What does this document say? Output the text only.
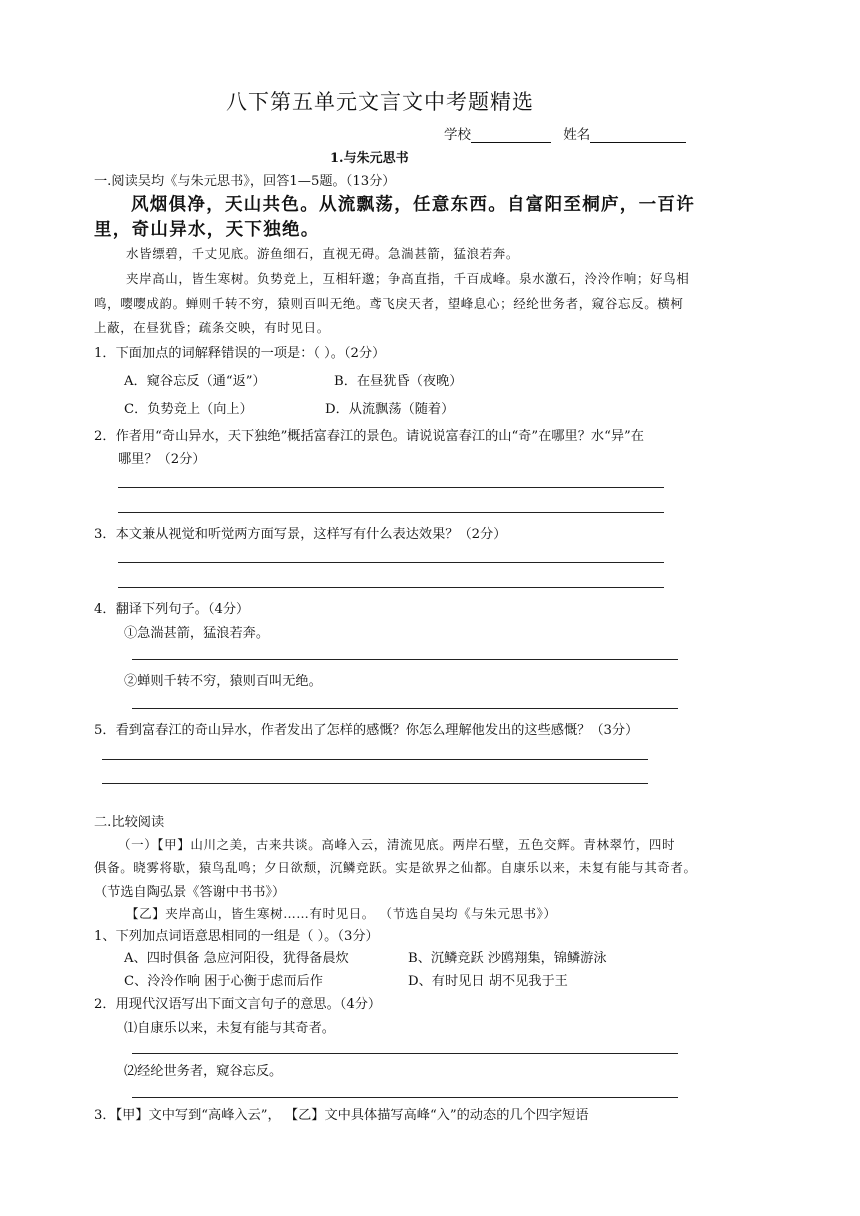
八下第五单元文言文中考题精选
学校	姓名
1.与朱元思书
一.阅读吴均《与朱元思书》，回答1—5题。（13分）
风烟俱净，天山共色。从流飘荡，任意东西。自富阳至桐庐，一百许
里，奇山异水，天下独绝。
水皆缥碧，千丈见底。游鱼细石，直视无碍。急湍甚箭，猛浪若奔。
夹岸高山，皆生寒树。负势竞上，互相轩邈；争高直指，千百成峰。泉水激石，泠泠作响；好鸟相
鸣，嘤嘤成韵。蝉则千转不穷，猿则百叫无绝。鸢飞戾天者，望峰息心；经纶世务者，窥谷忘反。横柯
上蔽，在昼犹昏；疏条交映，有时见日。
1．下面加点的词解释错误的一项是：（ ）。（2分）
A．窥谷忘反（通“返”）	B．在昼犹昏（夜晚）
C．负势竞上（向上）	D．从流飘荡（随着）
2．作者用“奇山异水，天下独绝”概括富春江的景色。请说说富春江的山“奇”在哪里？水“异”在
哪里？（2分）
3．本文兼从视觉和听觉两方面写景，这样写有什么表达效果？（2分）
4．翻译下列句子。（4分）
①急湍甚箭，猛浪若奔。
②蝉则千转不穷，猿则百叫无绝。
5．看到富春江的奇山异水，作者发出了怎样的感慨？你怎么理解他发出的这些感慨？（3分）
二.比较阅读
（一）【甲】山川之美，古来共谈。高峰入云，清流见底。两岸石壁，五色交辉。青林翠竹，四时
俱备。晓雾将歇，猿鸟乱鸣；夕日欲颓，沉鳞竞跃。实是欲界之仙都。自康乐以来，未复有能与其奇者。
（节选自陶弘景《答谢中书书》）
【乙】夹岸高山，皆生寒树……有时见日。 （节选自吴均《与朱元思书》）
1、下列加点词语意思相同的一组是（ ）。（3分）
A、四时俱备 急应河阳役，犹得备晨炊	B、沉鳞竞跃 沙鸥翔集，锦鳞游泳
C、泠泠作响 困于心衡于虑而后作	D、有时见日 胡不见我于王
2．用现代汉语写出下面文言句子的意思。（4分）
⑴自康乐以来，未复有能与其奇者。
⑵经纶世务者，窥谷忘反。
3．【甲】文中写到“高峰入云”， 【乙】文中具体描写高峰“入”的动态的几个四字短语
